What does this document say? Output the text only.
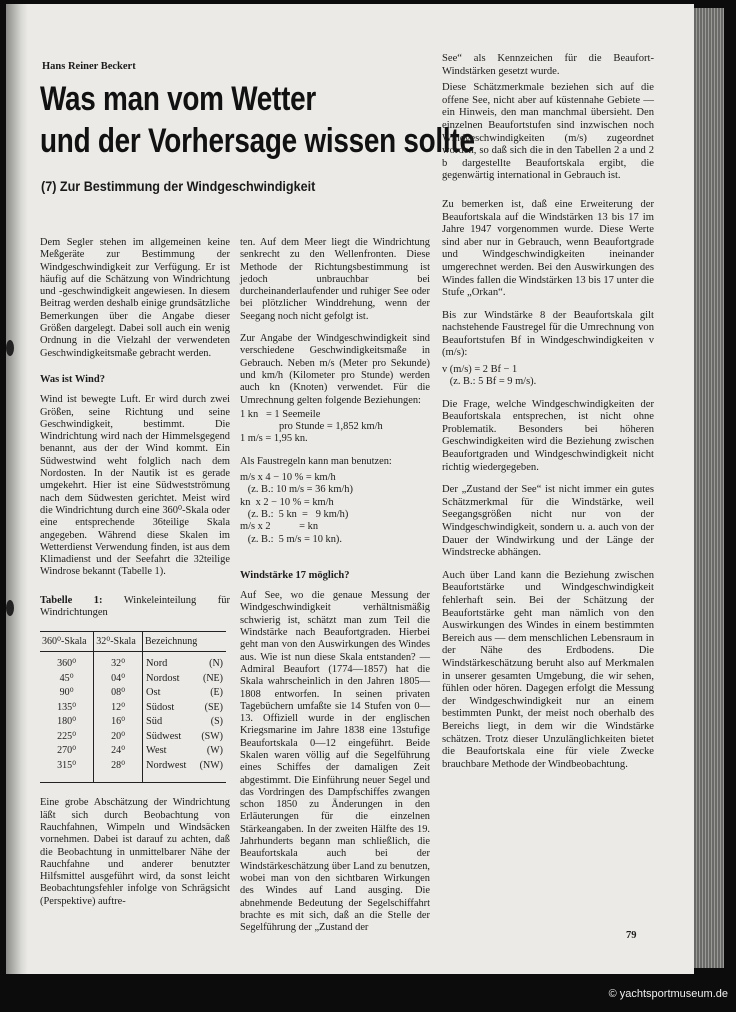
Hans Reiner Beckert
Was man vom Wetter
und der Vorhersage wissen sollte
(7) Zur Bestimmung der Windgeschwindigkeit

Dem Segler stehen im allgemeinen keine Meßgeräte zur Bestimmung der Windgeschwindigkeit zur Verfügung. Er ist häufig auf die Schätzung von Windrichtung und -geschwindigkeit angewiesen. In diesem Beitrag werden deshalb einige grundsätzliche Bemerkungen über die Angabe dieser Größen dargelegt. Dabei soll auch ein wenig Ordnung in die Vielzahl der verwendeten Geschwindigkeitsmaße gebracht werden.

Was ist Wind?

Wind ist bewegte Luft. Er wird durch zwei Größen, seine Richtung und seine Geschwindigkeit, bestimmt. Die Windrichtung wird nach der Himmelsgegend benannt, aus der der Wind kommt. Ein Südwestwind weht folglich nach dem Nordosten. In der Nautik ist es gerade umgekehrt. Hier ist eine Südwestströmung nach dem Südwesten gerichtet. Meist wird die Windrichtung durch eine 360⁰-Skala oder eine entsprechende 36teilige Skala angegeben. Während diese Skalen im Wetterdienst Verwendung finden, ist aus dem Klimadienst und der Seefahrt die 32teilige Windrose bekannt (Tabelle 1).

Tabelle 1: Winkeleinteilung für Windrichtungen
360⁰-Skala	32⁰-Skala	Bezeichnung	
360⁰	32⁰	Nord	(N)
45⁰	04⁰	Nordost	(NE)
90⁰	08⁰	Ost	(E)
135⁰	12⁰	Südost	(SE)
180⁰	16⁰	Süd	(S)
225⁰	20⁰	Südwest	(SW)
270⁰	24⁰	West	(W)
315⁰	28⁰	Nordwest	(NW)

Eine grobe Abschätzung der Windrichtung läßt sich durch Beobachtung von Rauchfahnen, Wimpeln und Windsäcken vornehmen. Dabei ist darauf zu achten, daß die Beobachtung in unmittelbarer Nähe der Rauchfahne und anderer benutzter Hilfsmittel ausgeführt wird, da sonst leicht Beobachtungsfehler infolge von Schrägsicht (Perspektive) auftre-

ten. Auf dem Meer liegt die Windrichtung senkrecht zu den Wellenfronten. Diese Methode der Richtungsbestimmung ist jedoch unbrauchbar bei durcheinanderlaufender und ruhiger See oder bei plötzlicher Winddrehung, wenn der Seegang noch nicht gefolgt ist.

Zur Angabe der Windgeschwindigkeit sind verschiedene Geschwindigkeitsmaße in Gebrauch. Neben m/s (Meter pro Sekunde) und km/h (Kilometer pro Stunde) werden auch kn (Knoten) verwendet. Für die Umrechnung gelten folgende Beziehungen:

1 kn   = 1 Seemeile
pro Stunde = 1,852 km/h
1 m/s = 1,95 kn.

Als Faustregeln kann man benutzen:

m/s x 4 − 10 % = km/h
(z. B.: 10 m/s = 36 km/h)
kn  x 2 − 10 % = km/h
(z. B.:  5 kn  =   9 km/h)
m/s x 2           = kn
(z. B.:  5 m/s = 10 kn).
Windstärke 17 möglich?

Auf See, wo die genaue Messung der Windgeschwindigkeit verhältnismäßig schwierig ist, schätzt man zum Teil die Windstärke nach Beaufortgraden. Hierbei geht man von den Auswirkungen des Windes aus. Wie ist nun diese Skala entstanden? — Admiral Beaufort (1774—1857) hat die Skala wahrscheinlich in den Jahren 1805—1808 entworfen. In seinen privaten Tagebüchern umfaßte sie 14 Stufen von 0—13. Offiziell wurde in der englischen Kriegsmarine im Jahre 1838 eine 13stufige Beaufortskala 0—12 eingeführt. Beide Skalen waren völlig auf die Segelführung eines Schiffes der damaligen Zeit abgestimmt. Die Einführung neuer Segel und das Vordringen des Dampfschiffes zwangen schon 1850 zu Änderungen in den Erläuterungen für die einzelnen Stärkeangaben. In der zweiten Hälfte des 19. Jahrhunderts begann man schließlich, die Beaufortskala auch bei der Windstärkeschätzung über Land zu benutzen, wobei man von den sichtbaren Wirkungen des Windes auf Land ausging. Die abnehmende Bedeutung der Segelschiffahrt brachte es mit sich, daß an die Stelle der Segelführung der „Zustand der

See“ als Kennzeichen für die Beaufort-Windstärken gesetzt wurde.

Diese Schätzmerkmale beziehen sich auf die offene See, nicht aber auf küstennahe Gebiete — ein Hinweis, den man manchmal übersieht. Den einzelnen Beaufortstufen sind inzwischen noch Windgeschwindigkeiten (m/s) zugeordnet worden, so daß sich die in den Tabellen 2 a und 2 b dargestellte Beaufortskala ergibt, die gegenwärtig international in Gebrauch ist.

Zu bemerken ist, daß eine Erweiterung der Beaufortskala auf die Windstärken 13 bis 17 im Jahre 1947 vorgenommen wurde. Diese Werte sind aber nur in Gebrauch, wenn Beaufortgrade und Windgeschwindigkeiten ineinander umgerechnet werden. Bei den Auswirkungen des Windes fallen die Windstärken 13 bis 17 unter die Stufe „Orkan“.

Bis zur Windstärke 8 der Beaufortskala gilt nachstehende Faustregel für die Umrechnung von Beaufortstufen Bf in Windgeschwindigkeiten v (m/s):

v (m/s) = 2 Bf − 1
(z. B.: 5 Bf = 9 m/s).

Die Frage, welche Windgeschwindigkeiten der Beaufortskala entsprechen, ist nicht ohne Problematik. Besonders bei höheren Geschwindigkeiten wird die Beziehung zwischen Beaufortgraden und Windgeschwindigkeit nicht richtig wiedergegeben.

Der „Zustand der See“ ist nicht immer ein gutes Schätzmerkmal für die Windstärke, weil Seegangsgrößen nicht nur von der Windgeschwindigkeit, sondern u. a. auch von der Dauer der Windwirkung und der Länge der Windstrecke abhängen.

Auch über Land kann die Beziehung zwischen Beaufortstärke und Windgeschwindigkeit fehlerhaft sein. Bei der Schätzung der Beaufortstärke geht man nämlich von den Auswirkungen des Windes in einem bestimmten Bereich aus — dem menschlichen Lebensraum in der Nähe des Erdbodens. Die Windstärkeschätzung beruht also auf Merkmalen in unserer gesamten Umgebung, die wir sehen, fühlen oder hören. Dagegen erfolgt die Messung der Windgeschwindigkeit nur an einem bestimmten Punkt, der meist noch oberhalb des Bereichs liegt, in dem wir die Windstärke schätzen. Trotz dieser Unzulänglichkeiten bietet die Beaufortskala eine für viele Zwecke brauchbare Methode der Windbeobachtung.

79
© yachtsportmuseum.de
